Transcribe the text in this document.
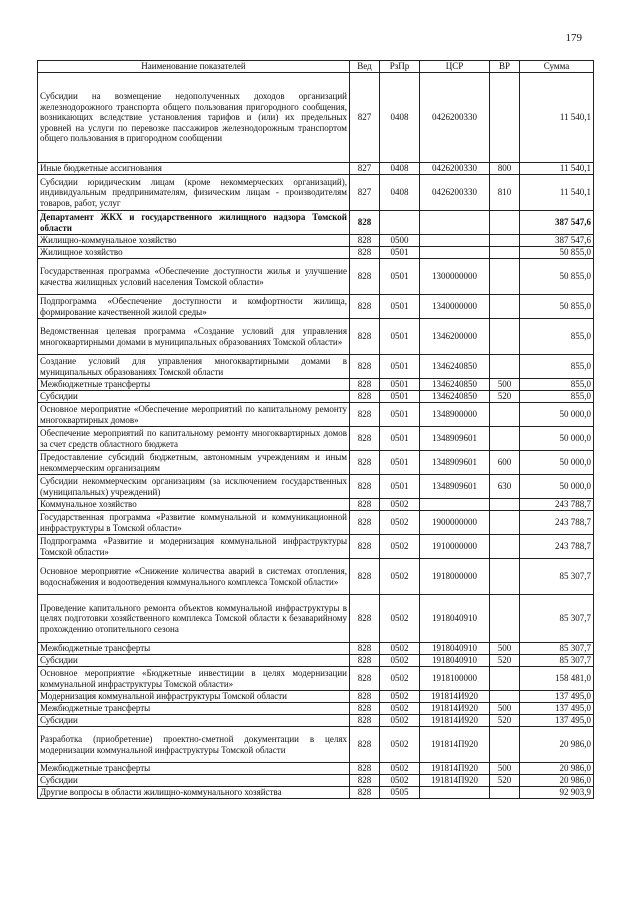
179
Наименование показателей	Вед	РзПр	ЦСР	ВР	Сумма
Субсидии на возмещение недополученных доходов организаций железнодорожного транспорта общего пользования пригородного сообщения, возникающих вследствие установления тарифов и (или) их предельных уровней на услуги по перевозке пассажиров железнодорожным транспортом общего пользования в пригородном сообщении	827	0408	0426200330		11 540,1
Иные бюджетные ассигнования	827	0408	0426200330	800	11 540,1
Субсидии юридическим лицам (кроме некоммерческих организаций), индивидуальным предпринимателям, физическим лицам - производителям товаров, работ, услуг	827	0408	0426200330	810	11 540,1
Департамент ЖКХ и государственного жилищного надзора Томской области	828				387 547,6
Жилищно-коммунальное хозяйство	828	0500			387 547,6
Жилищное хозяйство	828	0501			50 855,0
Государственная программа «Обеспечение доступности жилья и улучшение качества жилищных условий населения Томской области»	828	0501	1300000000		50 855,0
Подпрограмма «Обеспечение доступности и комфортности жилища, формирование качественной жилой среды»	828	0501	1340000000		50 855,0
Ведомственная целевая программа «Создание условий для управления многоквартирными домами в муниципальных образованиях Томской области»	828	0501	1346200000		855,0
Создание условий для управления многоквартирными домами в муниципальных образованиях Томской области	828	0501	1346240850		855,0
Межбюджетные трансферты	828	0501	1346240850	500	855,0
Субсидии	828	0501	1346240850	520	855,0
Основное мероприятие «Обеспечение мероприятий по капитальному ремонту многоквартирных домов»	828	0501	1348900000		50 000,0
Обеспечение мероприятий по капитальному ремонту многоквартирных домов за счет средств областного бюджета	828	0501	1348909601		50 000,0
Предоставление субсидий бюджетным, автономным учреждениям и иным некоммерческим организациям	828	0501	1348909601	600	50 000,0
Субсидии некоммерческим организациям (за исключением государственных (муниципальных) учреждений)	828	0501	1348909601	630	50 000,0
Коммунальное хозяйство	828	0502			243 788,7
Государственная программа «Развитие коммунальной и коммуникационной инфраструктуры в Томской области»	828	0502	1900000000		243 788,7
Подпрограмма «Развитие и модернизация коммунальной инфраструктуры Томской области»	828	0502	1910000000		243 788,7
Основное мероприятие «Снижение количества аварий в системах отопления, водоснабжения и водоотведения коммунального комплекса Томской области»	828	0502	1918000000		85 307,7
Проведение капитального ремонта объектов коммунальной инфраструктуры в целях подготовки хозяйственного комплекса Томской области к безаварийному прохождению отопительного сезона	828	0502	1918040910		85 307,7
Межбюджетные трансферты	828	0502	1918040910	500	85 307,7
Субсидии	828	0502	1918040910	520	85 307,7
Основное мероприятие «Бюджетные инвестиции в целях модернизации коммунальной инфраструктуры Томской области»	828	0502	1918100000		158 481,0
Модернизация коммунальной инфраструктуры Томской области	828	0502	191814И920		137 495,0
Межбюджетные трансферты	828	0502	191814И920	500	137 495,0
Субсидии	828	0502	191814И920	520	137 495,0
Разработка (приобретение) проектно-сметной документации в целях модернизации коммунальной инфраструктуры Томской области	828	0502	191814П920		20 986,0
Межбюджетные трансферты	828	0502	191814П920	500	20 986,0
Субсидии	828	0502	191814П920	520	20 986,0
Другие вопросы в области жилищно-коммунального хозяйства	828	0505			92 903,9
